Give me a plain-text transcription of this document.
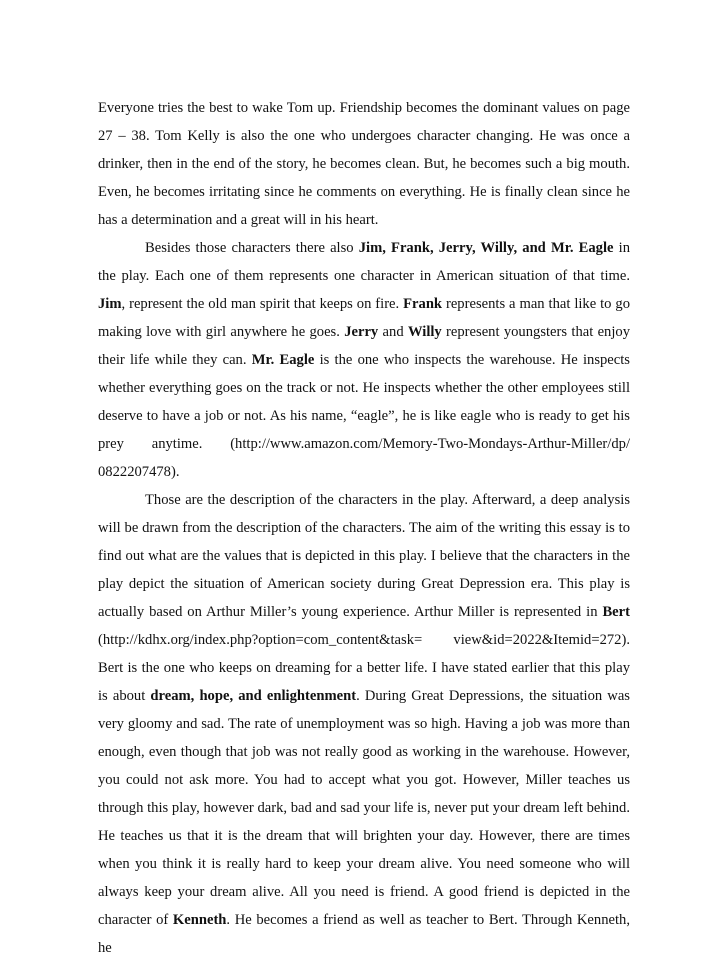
Everyone tries the best to wake Tom up. Friendship becomes the dominant values on page 27 – 38. Tom Kelly is also the one who undergoes character changing. He was once a drinker, then in the end of the story, he becomes clean. But, he becomes such a big mouth. Even, he becomes irritating since he comments on everything. He is finally clean since he has a determination and a great will in his heart.

Besides those characters there also Jim, Frank, Jerry, Willy, and Mr. Eagle in the play. Each one of them represents one character in American situation of that time. Jim, represent the old man spirit that keeps on fire. Frank represents a man that like to go making love with girl anywhere he goes. Jerry and Willy represent youngsters that enjoy their life while they can. Mr. Eagle is the one who inspects the warehouse. He inspects whether everything goes on the track or not. He inspects whether the other employees still deserve to have a job or not. As his name, “eagle”, he is like eagle who is ready to get his prey anytime. (http://www.amazon.com/Memory-Two-Mondays-Arthur-Miller/dp/ 0822207478).

Those are the description of the characters in the play. Afterward, a deep analysis will be drawn from the description of the characters. The aim of the writing this essay is to find out what are the values that is depicted in this play. I believe that the characters in the play depict the situation of American society during Great Depression era. This play is actually based on Arthur Miller’s young experience. Arthur Miller is represented in Bert (http://kdhx.org/index.php?option=com_content&task= view&id=2022&Itemid=272). Bert is the one who keeps on dreaming for a better life. I have stated earlier that this play is about dream, hope, and enlightenment. During Great Depressions, the situation was very gloomy and sad. The rate of unemployment was so high. Having a job was more than enough, even though that job was not really good as working in the warehouse. However, you could not ask more. You had to accept what you got. However, Miller teaches us through this play, however dark, bad and sad your life is, never put your dream left behind. He teaches us that it is the dream that will brighten your day. However, there are times when you think it is really hard to keep your dream alive. You need someone who will always keep your dream alive. All you need is friend. A good friend is depicted in the character of Kenneth. He becomes a friend as well as teacher to Bert. Through Kenneth, he
